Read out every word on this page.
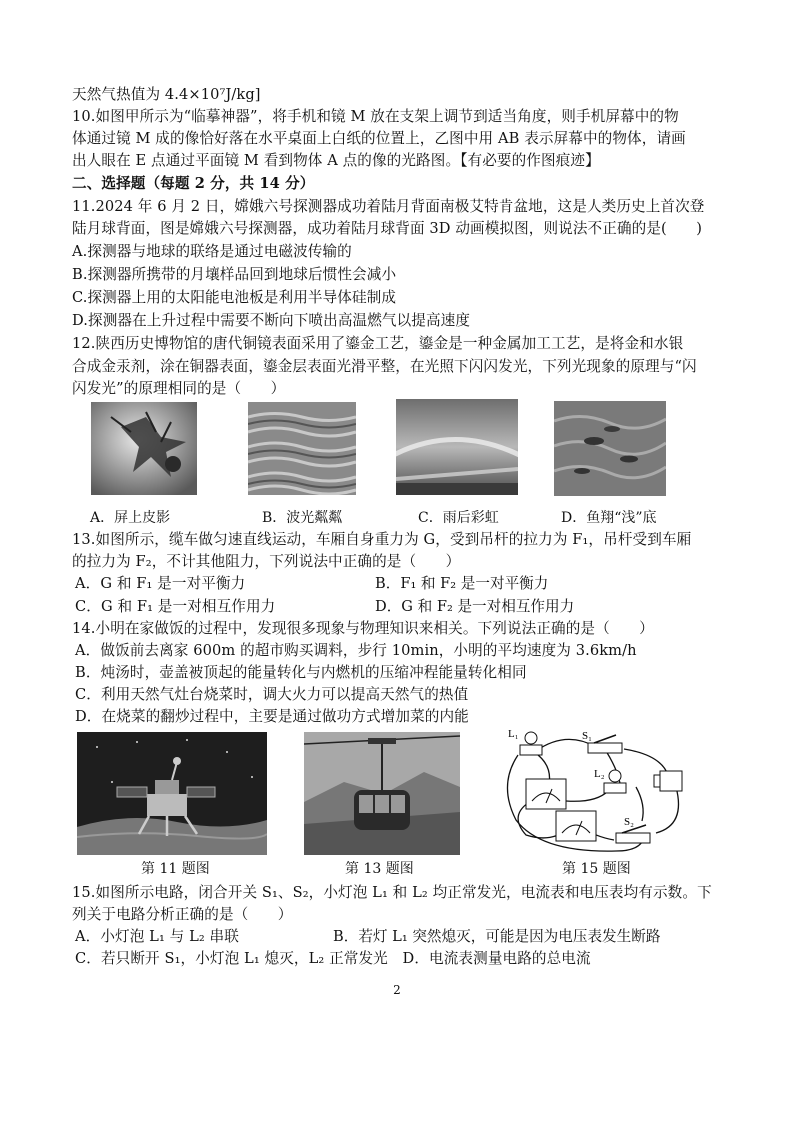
天然气热值为 4.4×10⁷J/kg]
10.如图甲所示为“临摹神器”，将手机和镜 M 放在支架上调节到适当角度，则手机屏幕中的物
体通过镜 M 成的像恰好落在水平桌面上白纸的位置上，乙图中用 AB 表示屏幕中的物体，请画
出人眼在 E 点通过平面镜 M 看到物体 A 点的像的光路图。【有必要的作图痕迹】
二、选择题（每题 2 分，共 14 分）
11.2024 年 6 月 2 日，嫦娥六号探测器成功着陆月背面南极艾特肯盆地，这是人类历史上首次登
陆月球背面，图是嫦娥六号探测器，成功着陆月球背面 3D 动画模拟图，则说法不正确的是(　　)
A.探测器与地球的联络是通过电磁波传输的
B.探测器所携带的月壤样品回到地球后惯性会减小
C.探测器上用的太阳能电池板是利用半导体硅制成
D.探测器在上升过程中需要不断向下喷出高温燃气以提高速度
12.陕西历史博物馆的唐代铜镜表面采用了鎏金工艺，鎏金是一种金属加工工艺，是将金和水银
合成金汞剂，涂在铜器表面，鎏金层表面光滑平整，在光照下闪闪发光，下列光现象的原理与“闪
闪发光”的原理相同的是（　　）
A．屏上皮影	B．波光粼粼	C．雨后彩虹	D．鱼翔“浅”底
13.如图所示，缆车做匀速直线运动，车厢自身重力为 G，受到吊杆的拉力为 F₁，吊杆受到车厢
的拉力为 F₂，不计其他阻力，下列说法中正确的是（　　）
A．G 和 F₁ 是一对平衡力	B．F₁ 和 F₂ 是一对平衡力
C．G 和 F₁ 是一对相互作用力	D．G 和 F₂ 是一对相互作用力
14.小明在家做饭的过程中，发现很多现象与物理知识来相关。下列说法正确的是（　　）
A．做饭前去离家 600m 的超市购买调料，步行 10min，小明的平均速度为 3.6km/h
B．炖汤时，壶盖被顶起的能量转化与内燃机的压缩冲程能量转化相同
C．利用天然气灶台烧菜时，调大火力可以提高天然气的热值
D．在烧菜的翻炒过程中，主要是通过做功方式增加菜的内能
L₁	S₁
L₂
S₂
第 11 题图	第 13 题图	第 15 题图
15.如图所示电路，闭合开关 S₁、S₂，小灯泡 L₁ 和 L₂ 均正常发光，电流表和电压表均有示数。下
列关于电路分析正确的是（　　）
A．小灯泡 L₁ 与 L₂ 串联	B．若灯 L₁ 突然熄灭，可能是因为电压表发生断路
C．若只断开 S₁，小灯泡 L₁ 熄灭，L₂ 正常发光　D．电流表测量电路的总电流
2
